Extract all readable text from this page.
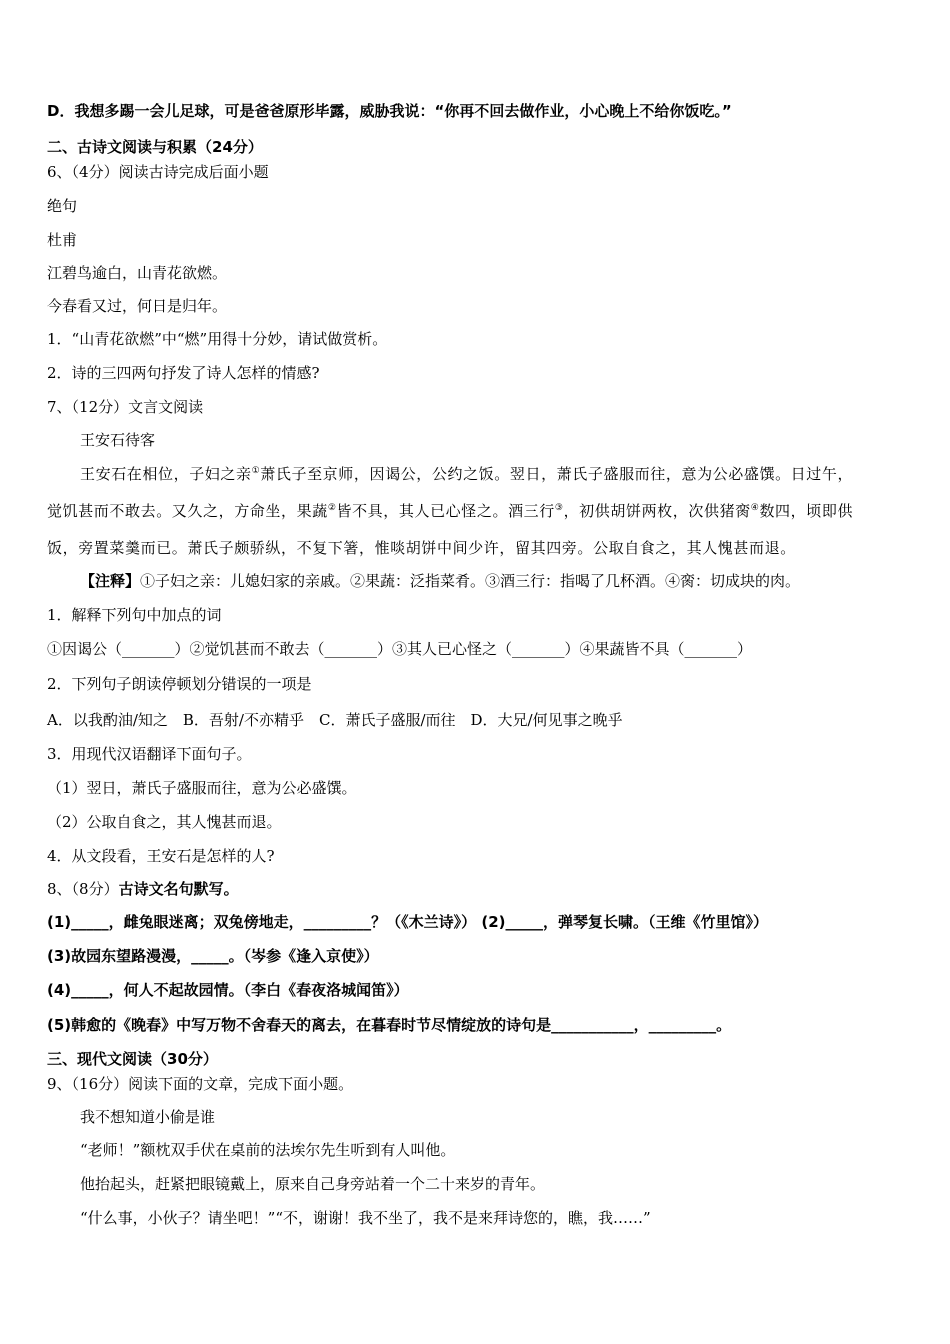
D．我想多踢一会儿足球，可是爸爸原形毕露，威胁我说：“你再不回去做作业，小心晚上不给你饭吃。”
二、古诗文阅读与积累（24分）
6、（4分）阅读古诗完成后面小题
绝句
杜甫
江碧鸟逾白，山青花欲燃。
今春看又过，何日是归年。
1．“山青花欲燃”中“燃”用得十分妙，请试做赏析。
2．诗的三四两句抒发了诗人怎样的情感?
7、（12分）文言文阅读
王安石待客
王安石在相位，子妇之亲①萧氏子至京师，因谒公，公约之饭。翌日，萧氏子盛服而往，意为公必盛馔。日过午，
觉饥甚而不敢去。又久之，方命坐，果蔬②皆不具，其人已心怪之。酒三行③，初供胡饼两枚，次供猪脔④数四，顷即供
饭，旁置菜羹而已。萧氏子颇骄纵，不复下箸，惟啖胡饼中间少许，留其四旁。公取自食之，其人愧甚而退。
【注释】①子妇之亲：儿媳妇家的亲戚。②果蔬：泛指菜肴。③酒三行：指喝了几杯酒。④脔：切成块的肉。
1．解释下列句中加点的词
①因谒公（_______）②觉饥甚而不敢去（_______）③其人已心怪之（_______）④果蔬皆不具（_______）
2．下列句子朗读停顿划分错误的一项是
A．以我酌油/知之　B．吾射/不亦精乎　C．萧氏子盛服/而往　D．大兄/何见事之晚乎
3．用现代汉语翻译下面句子。
（1）翌日，萧氏子盛服而往，意为公必盛馔。
（2）公取自食之，其人愧甚而退。
4．从文段看，王安石是怎样的人?
8、（8分）古诗文名句默写。
(1)_____，雌兔眼迷离；双兔傍地走，_________？（《木兰诗》） (2)_____，弹琴复长啸。（王维《竹里馆》）
(3)故园东望路漫漫，_____。（岑参《逢入京使》）
(4)_____，何人不起故园情。（李白《春夜洛城闻笛》）
(5)韩愈的《晚春》中写万物不舍春天的离去，在暮春时节尽情绽放的诗句是___________，_________。
三、现代文阅读（30分）
9、（16分）阅读下面的文章，完成下面小题。
我不想知道小偷是谁
“老师！”额枕双手伏在桌前的法埃尔先生听到有人叫他。
他抬起头，赶紧把眼镜戴上，原来自己身旁站着一个二十来岁的青年。
“什么事，小伙子？请坐吧！”“不，谢谢！我不坐了，我不是来拜诗您的，瞧，我……”
